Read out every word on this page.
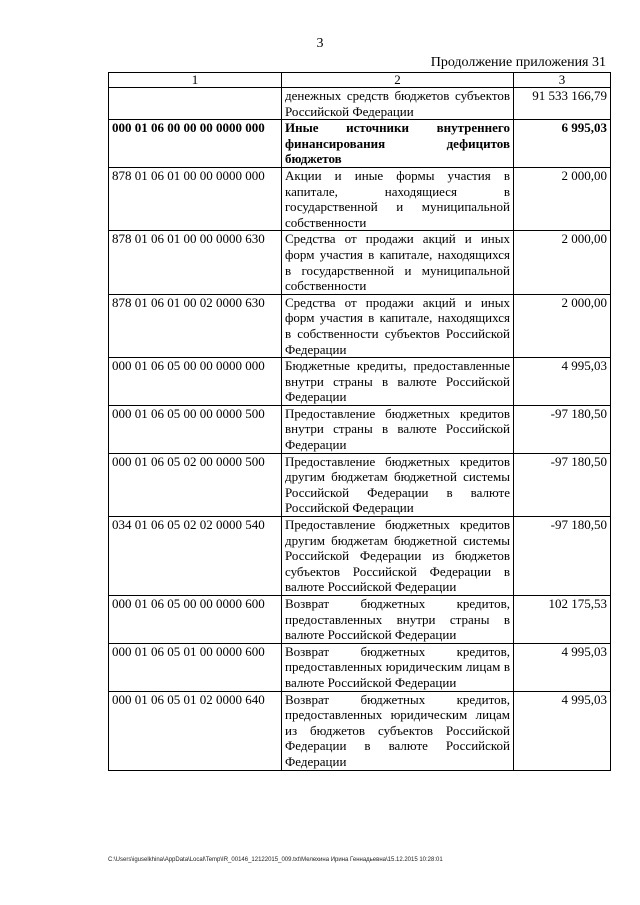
3
Продолжение приложения 31
1	2	3
	денежных средств бюджетов субъектов Российской Федерации	91 533 166,79
000 01 06 00 00 00 0000 000	Иные источники внутреннего финансирования дефицитов бюджетов	6 995,03
878 01 06 01 00 00 0000 000	Акции и иные формы участия в капитале, находящиеся в государственной и муниципальной собственности	2 000,00
878 01 06 01 00 00 0000 630	Средства от продажи акций и иных форм участия в капитале, находящихся в государственной и муниципальной собственности	2 000,00
878 01 06 01 00 02 0000 630	Средства от продажи акций и иных форм участия в капитале, находящихся в собственности субъектов Российской Федерации	2 000,00
000 01 06 05 00 00 0000 000	Бюджетные кредиты, предоставленные внутри страны в валюте Российской Федерации	4 995,03
000 01 06 05 00 00 0000 500	Предоставление бюджетных кредитов внутри страны в валюте Российской Федерации	-97 180,50
000 01 06 05 02 00 0000 500	Предоставление бюджетных кредитов другим бюджетам бюджетной системы Российской Федерации в валюте Российской Федерации	-97 180,50
034 01 06 05 02 02 0000 540	Предоставление бюджетных кредитов другим бюджетам бюджетной системы Российской Федерации из бюджетов субъектов Российской Федерации в валюте Российской Федерации	-97 180,50
000 01 06 05 00 00 0000 600	Возврат бюджетных кредитов, предоставленных внутри страны в валюте Российской Федерации	102 175,53
000 01 06 05 01 00 0000 600	Возврат бюджетных кредитов, предоставленных юридическим лицам в валюте Российской Федерации	4 995,03
000 01 06 05 01 02 0000 640	Возврат бюджетных кредитов, предоставленных юридическим лицам из бюджетов субъектов Российской Федерации в валюте Российской Федерации	4 995,03
C:\Users\iguselkhina\AppData\Local\Temp\IR_00146_12122015_009.txt\Мелехина Ирина Геннадьевна\15.12.2015 10:28:01
